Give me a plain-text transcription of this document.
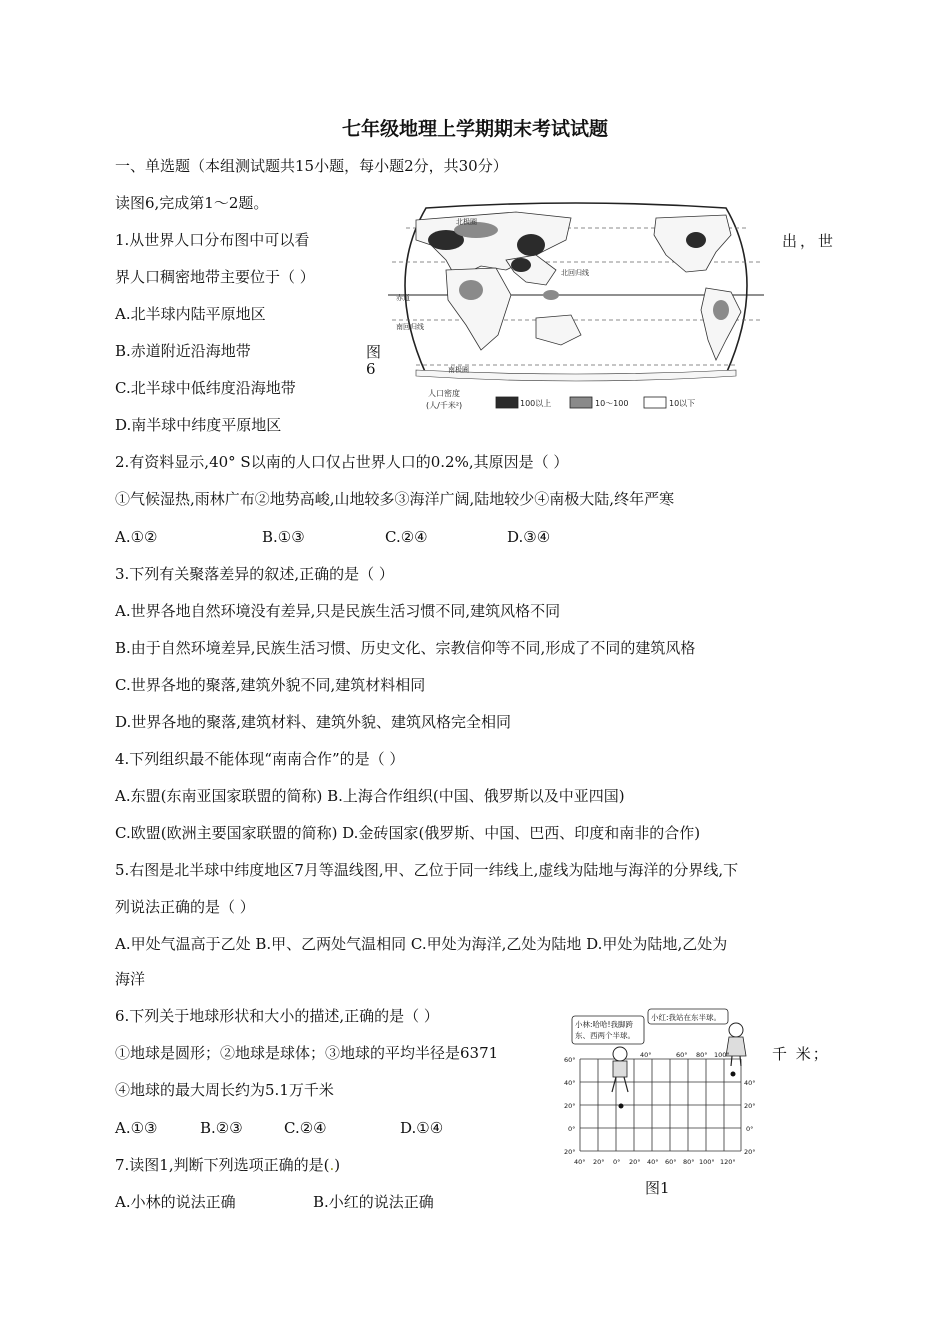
七年级地理上学期期末考试试题
一、单选题（本组测试题共15小题，每小题2分，共30分）
读图6,完成第1～2题。
1.从世界人口分布图中可以看	出，世
界人口稠密地带主要位于（ ）
A.北半球内陆平原地区
B.赤道附近沿海地带
C.北半球中低纬度沿海地带
D.南半球中纬度平原地区
图
6
北极圈
北回归线
赤道
南回归线
南极圈
人口密度
(人/千米²)	100以上	10～100	10以下
2.有资料显示,40° S以南的人口仅占世界人口的0.2%,其原因是（ ）
①气候湿热,雨林广布②地势高峻,山地较多③海洋广阔,陆地较少④南极大陆,终年严寒
A.①②	B.①③	C.②④	D.③④
3.下列有关聚落差异的叙述,正确的是（ ）
A.世界各地自然环境没有差异,只是民族生活习惯不同,建筑风格不同
B.由于自然环境差异,民族生活习惯、历史文化、宗教信仰等不同,形成了不同的建筑风格
C.世界各地的聚落,建筑外貌不同,建筑材料相同
D.世界各地的聚落,建筑材料、建筑外貌、建筑风格完全相同
4.下列组织最不能体现“南南合作”的是（ ）
A.东盟(东南亚国家联盟的简称) B.上海合作组织(中国、俄罗斯以及中亚四国)
C.欧盟(欧洲主要国家联盟的简称) D.金砖国家(俄罗斯、中国、巴西、印度和南非的合作)
5.右图是北半球中纬度地区7月等温线图,甲、乙位于同一纬线上,虚线为陆地与海洋的分界线,下
列说法正确的是（ ）
A.甲处气温高于乙处 B.甲、乙两处气温相同 C.甲处为海洋,乙处为陆地 D.甲处为陆地,乙处为
海洋
6.下列关于地球形状和大小的描述,正确的是（ ）
①地球是圆形；②地球是球体；③地球的平均半径是6371	千 米；
④地球的最大周长约为5.1万千米
A.①③	B.②③	C.②④	D.①④
7.读图1,判断下列选项正确的是(.)
A.小林的说法正确	B.小红的说法正确
小林:哈哈!我脚跨
东、西两个半球。
小红:我站在东半球。
40°	60° 80° 100°
60°
40°
20°
0°
20°
40°
20°
0°
20°
40° 20° 0° 20° 40° 60° 80° 100° 120°
图1
